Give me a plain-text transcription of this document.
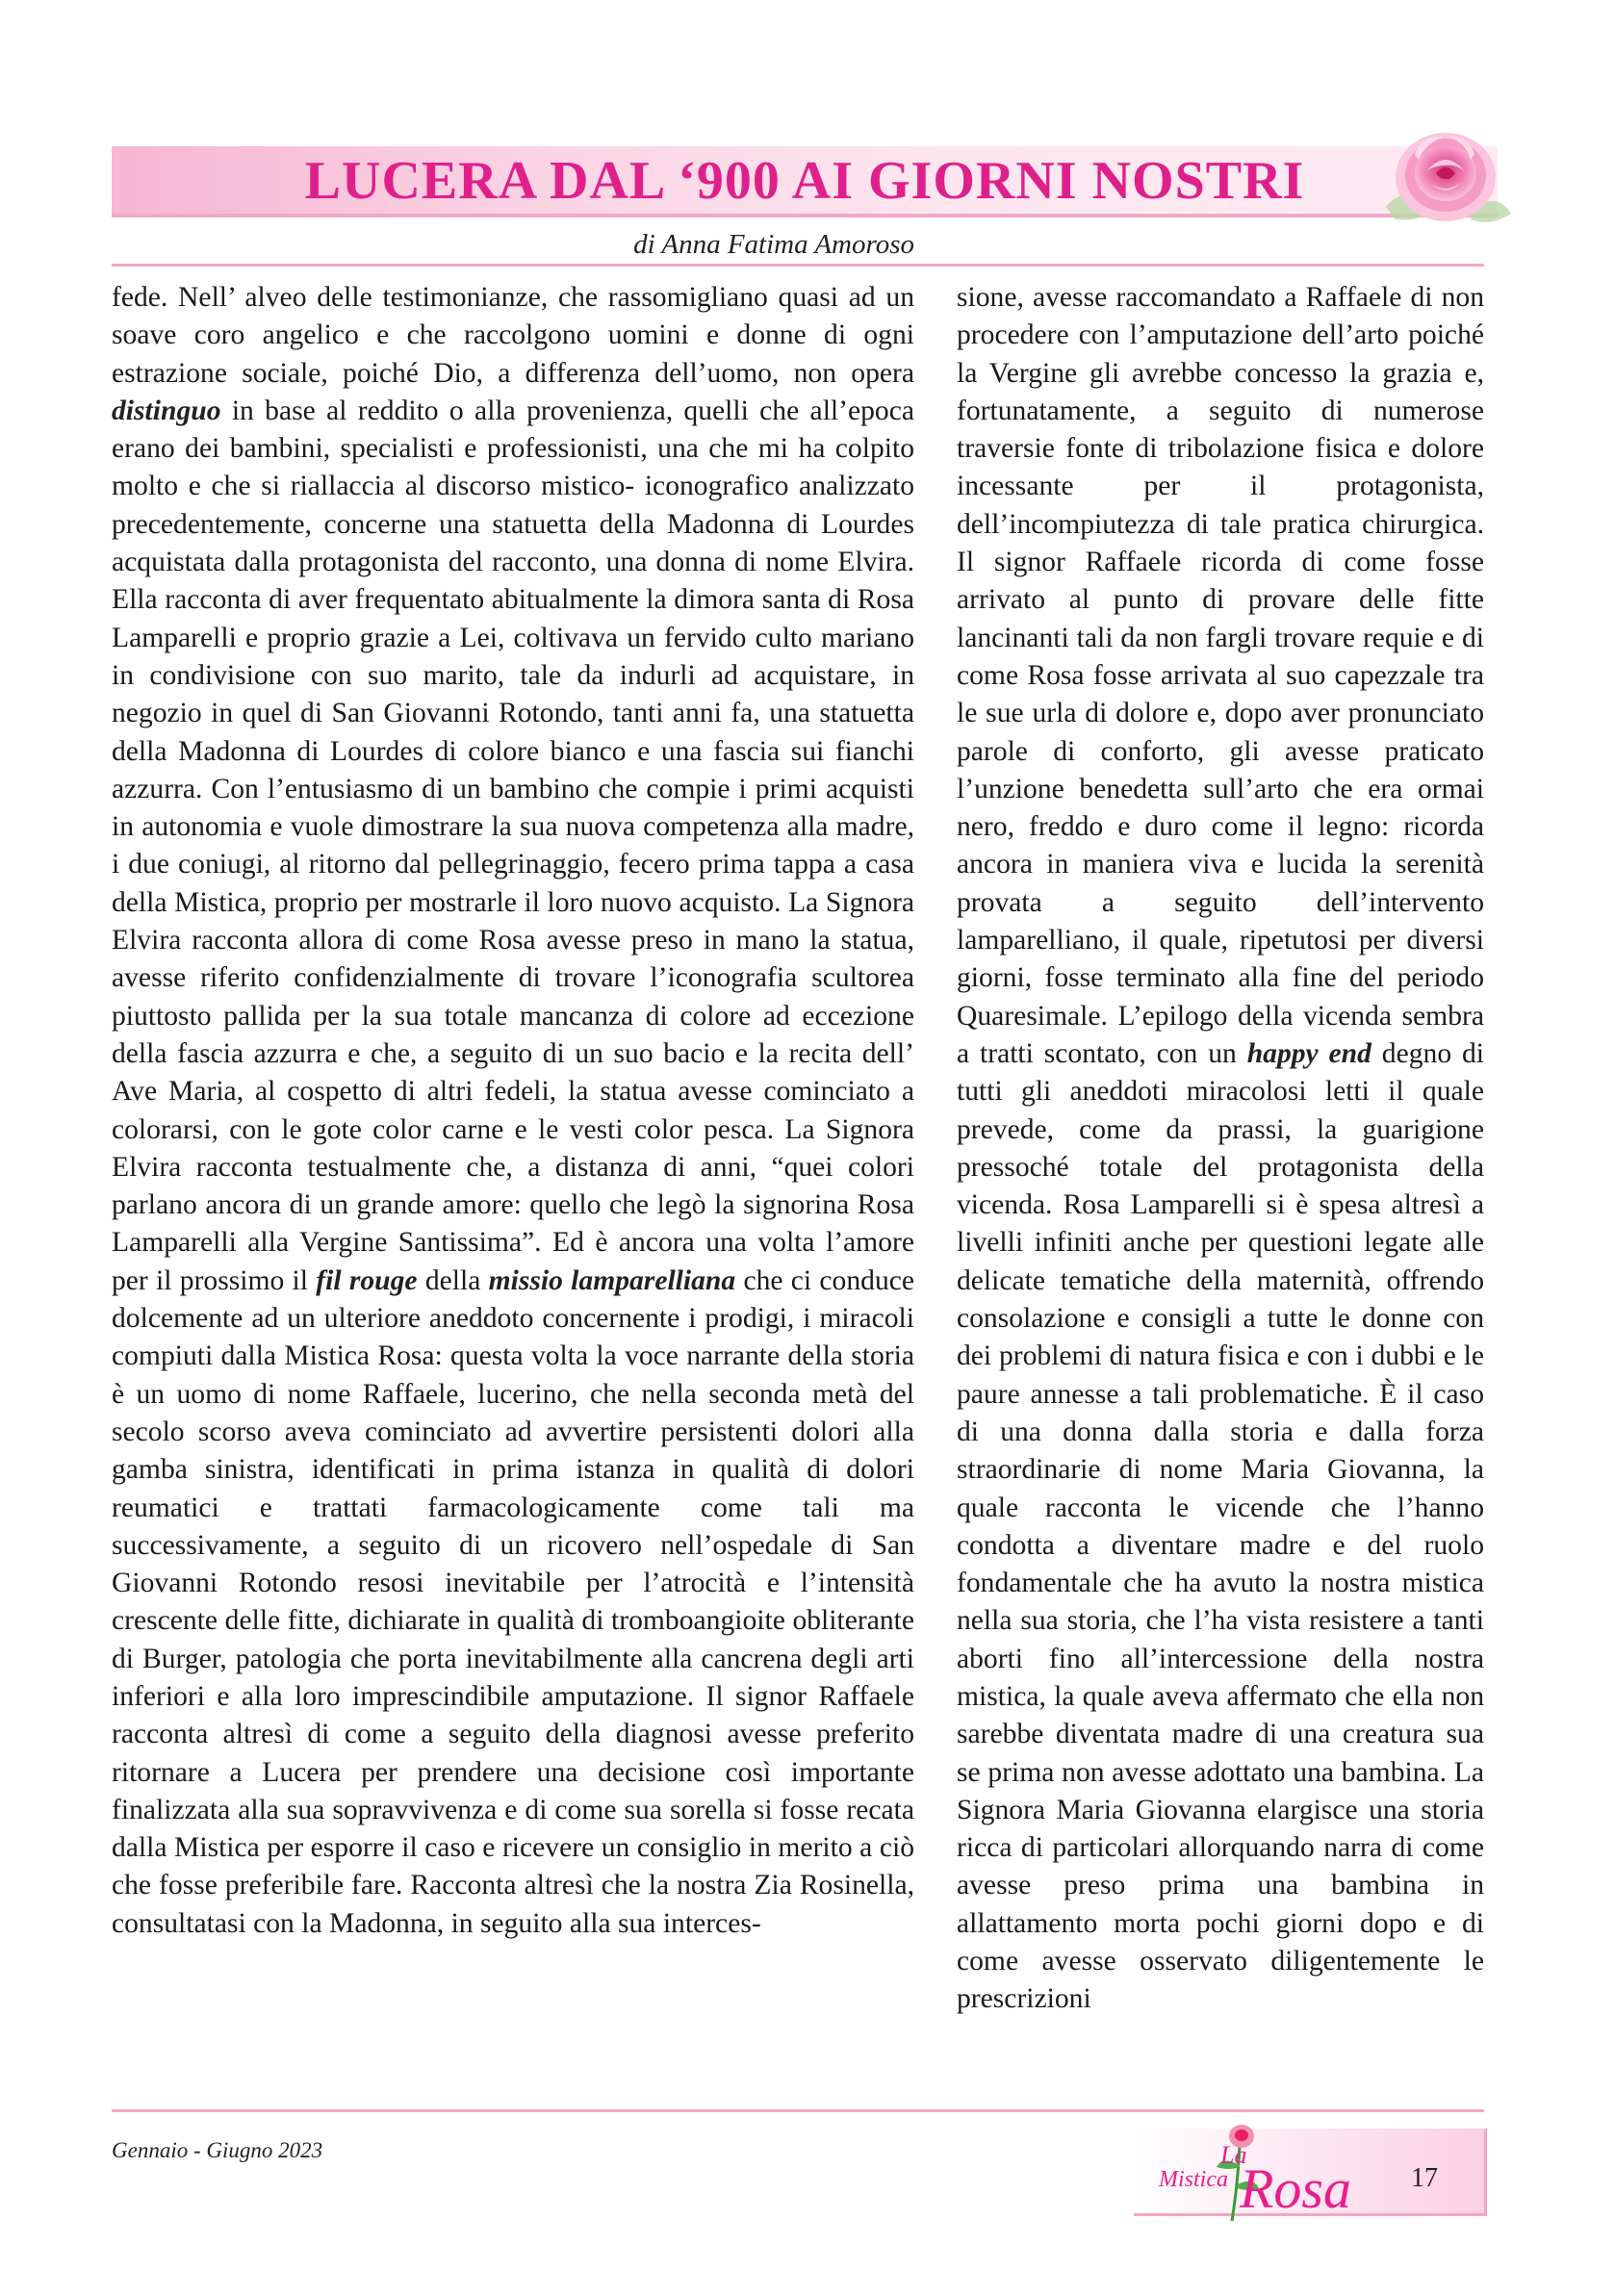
LUCERA DAL ‘900 AI GIORNI NOSTRI
di Anna Fatima Amoroso

fede. Nell’ alveo delle testimonianze, che rassomigliano quasi ad un soave coro angelico e che raccolgono uomini e donne di ogni estrazione sociale, poiché Dio, a differenza dell’uomo, non opera distinguo in base al reddito o alla provenienza, quelli che all’epoca erano dei bambini, specialisti e professionisti, una che mi ha colpito molto e che si riallaccia al discorso mistico- iconografico analizzato precedentemente, concerne una statuetta della Madonna di Lourdes acquistata dalla protagonista del racconto, una donna di nome Elvira. Ella racconta di aver frequentato abitualmente la dimora santa di Rosa Lamparelli e proprio grazie a Lei, coltivava un fervido culto mariano in condivisione con suo marito, tale da indurli ad acquistare, in negozio in quel di San Giovanni Rotondo, tanti anni fa, una statuetta della Madonna di Lourdes di colore bianco e una fascia sui fianchi azzurra. Con l’entusiasmo di un bambino che compie i primi acquisti in autonomia e vuole dimostrare la sua nuova competenza alla madre, i due coniugi, al ritorno dal pellegrinaggio, fecero prima tappa a casa della Mistica, proprio per mostrarle il loro nuovo acquisto. La Signora Elvira racconta allora di come Rosa avesse preso in mano la statua, avesse riferito confidenzialmente di trovare l’iconografia scultorea piuttosto pallida per la sua totale mancanza di colore ad eccezione della fascia azzurra e che, a seguito di un suo bacio e la recita dell’ Ave Maria, al cospetto di altri fedeli, la statua avesse cominciato a colorarsi, con le gote color carne e le vesti color pesca. La Signora Elvira racconta testualmente che, a distanza di anni, “quei colori parlano ancora di un grande amore: quello che legò la signorina Rosa Lamparelli alla Vergine Santissima”. Ed è ancora una volta l’amore per il prossimo il fil rouge della missio lamparelliana che ci conduce dolcemente ad un ulteriore aneddoto concernente i prodigi, i miracoli compiuti dalla Mistica Rosa: questa volta la voce narrante della storia è un uomo di nome Raffaele, lucerino, che nella seconda metà del secolo scorso aveva cominciato ad avvertire persistenti dolori alla gamba sinistra, identificati in prima istanza in qualità di dolori reumatici e trattati farmacologicamente come tali ma successivamente, a seguito di un ricovero nell’ospedale di San Giovanni Rotondo resosi inevitabile per l’atrocità e l’intensità crescente delle fitte, dichiarate in qualità di tromboangioite obliterante di Burger, patologia che porta inevitabilmente alla cancrena degli arti inferiori e alla loro imprescindibile amputazione. Il signor Raffaele racconta altresì di come a seguito della diagnosi avesse preferito ritornare a Lucera per prendere una decisione così importante finalizzata alla sua sopravvivenza e di come sua sorella si fosse recata dalla Mistica per esporre il caso e ricevere un consiglio in merito a ciò che fosse preferibile fare. Racconta altresì che la nostra Zia Rosinella, consultatasi con la Madonna, in seguito alla sua interces-

sione, avesse raccomandato a Raffaele di non procedere con l’amputazione dell’arto poiché la Vergine gli avrebbe concesso la grazia e, fortunatamente, a seguito di numerose traversie fonte di tribolazione fisica e dolore incessante per il protagonista, dell’incompiutezza di tale pratica chirurgica. Il signor Raffaele ricorda di come fosse arrivato al punto di provare delle fitte lancinanti tali da non fargli trovare requie e di come Rosa fosse arrivata al suo capezzale tra le sue urla di dolore e, dopo aver pronunciato parole di conforto, gli avesse praticato l’unzione benedetta sull’arto che era ormai nero, freddo e duro come il legno: ricorda ancora in maniera viva e lucida la serenità provata a seguito dell’intervento lamparelliano, il quale, ripetutosi per diversi giorni, fosse terminato alla fine del periodo Quaresimale. L’epilogo della vicenda sembra a tratti scontato, con un happy end degno di tutti gli aneddoti miracolosi letti il quale prevede, come da prassi, la guarigione pressoché totale del protagonista della vicenda. Rosa Lamparelli si è spesa altresì a livelli infiniti anche per questioni legate alle delicate tematiche della maternità, offrendo consolazione e consigli a tutte le donne con dei problemi di natura fisica e con i dubbi e le paure annesse a tali problematiche. È il caso di una donna dalla storia e dalla forza straordinarie di nome Maria Giovanna, la quale racconta le vicende che l’hanno condotta a diventare madre e del ruolo fondamentale che ha avuto la nostra mistica nella sua storia, che l’ha vista resistere a tanti aborti fino all’intercessione della nostra mistica, la quale aveva affermato che ella non sarebbe diventata madre di una creatura sua se prima non avesse adottato una bambina. La Signora Maria Giovanna elargisce una storia ricca di particolari allorquando narra di come avesse preso prima una bambina in allattamento morta pochi giorni dopo e di come avesse osservato diligentemente le prescrizioni

Gennaio - Giugno 2023	La
Mistica Rosa 17
